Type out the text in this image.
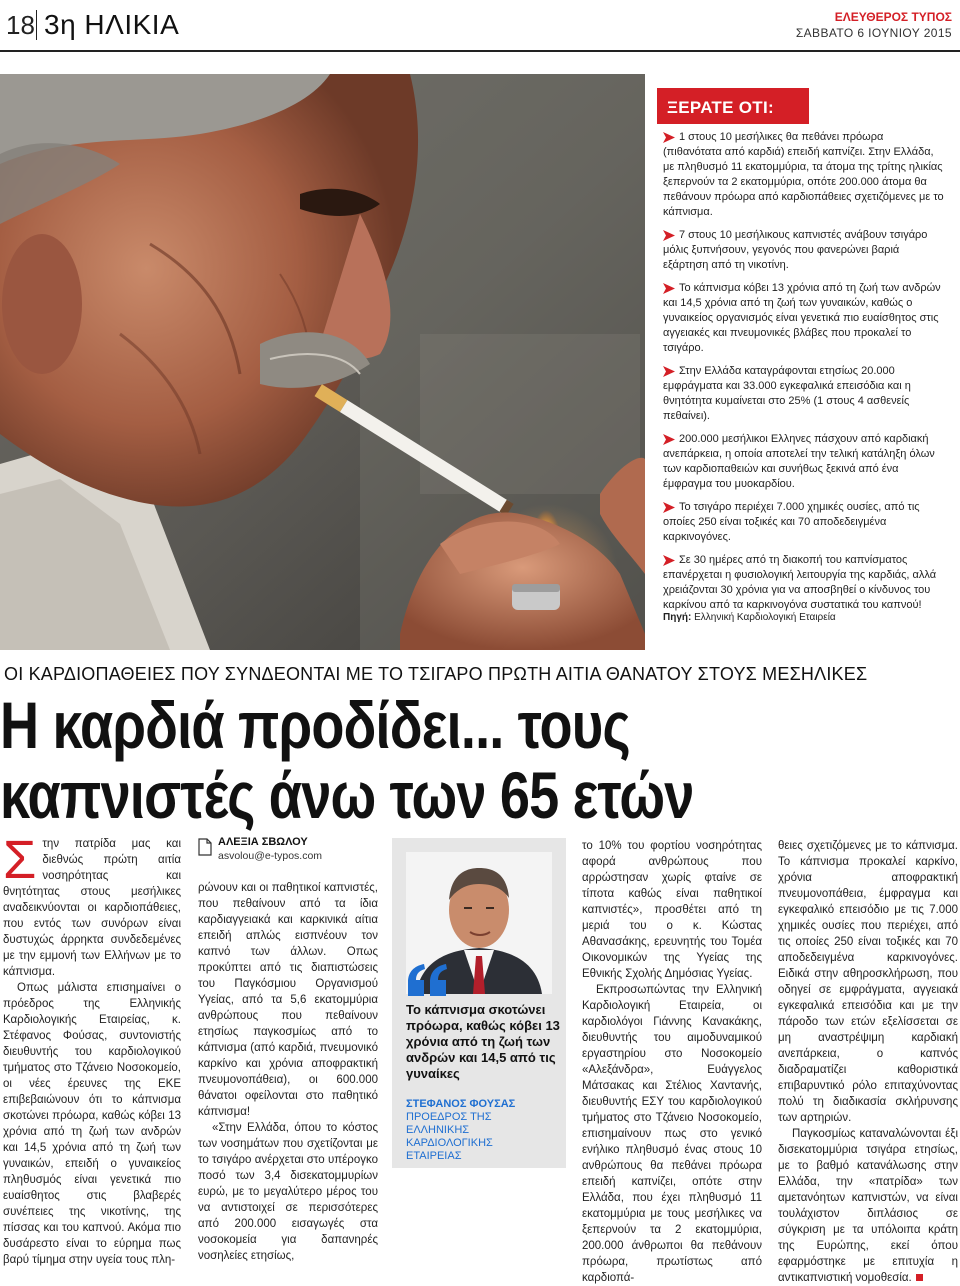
18 3η ΗΛΙΚΙΑ	ΕΛΕΥΘΕΡΟΣ ΤΥΠΟΣ
ΣΑΒΒΑΤΟ 6 ΙΟΥΝΙΟΥ 2015
ΞΕΡΑΤΕ ΟΤΙ:
1 στους 10 μεσήλικες θα πεθάνει πρόωρα (πιθανότατα από καρδιά) επειδή καπνίζει. Στην Ελλάδα, με πληθυσμό 11 εκατομμύρια, τα άτομα της τρίτης ηλικίας ξεπερνούν τα 2 εκατομμύρια, οπότε 200.000 άτομα θα πεθάνουν πρόωρα από καρδιοπάθειες σχετιζόμενες με το κάπνισμα.
7 στους 10 μεσήλικους καπνιστές ανάβουν τσιγάρο μόλις ξυπνήσουν, γεγονός που φανερώνει βαριά εξάρτηση από τη νικοτίνη.
Το κάπνισμα κόβει 13 χρόνια από τη ζωή των ανδρών και 14,5 χρόνια από τη ζωή των γυναικών, καθώς ο γυναικείος οργανισμός είναι γενετικά πιο ευαίσθητος στις αγγειακές και πνευμονικές βλάβες που προκαλεί το τσιγάρο.
Στην Ελλάδα καταγράφονται ετησίως 20.000 εμφράγματα και 33.000 εγκεφαλικά επεισόδια και η θνητότητα κυμαίνεται στο 25% (1 στους 4 ασθενείς πεθαίνει).
200.000 μεσήλικοι Ελληνες πάσχουν από καρδιακή ανεπάρκεια, η οποία αποτελεί την τελική κατάληξη όλων των καρδιοπαθειών και συνήθως ξεκινά από ένα έμφραγμα του μυοκαρδίου.
Το τσιγάρο περιέχει 7.000 χημικές ουσίες, από τις οποίες 250 είναι τοξικές και 70 αποδεδειγμένα καρκινογόνες.
Σε 30 ημέρες από τη διακοπή του καπνίσματος επανέρχεται η φυσιολογική λειτουργία της καρδιάς, αλλά χρειάζονται 30 χρόνια για να αποσβηθεί ο κίνδυνος του καρκίνου από τα καρκινογόνα συστατικά του καπνού!
Πηγή: Ελληνική Καρδιολογική Εταιρεία
ΟΙ ΚΑΡΔΙΟΠΑΘΕΙΕΣ ΠΟΥ ΣΥΝΔΕΟΝΤΑΙ ΜΕ ΤΟ ΤΣΙΓΑΡΟ ΠΡΩΤΗ ΑΙΤΙΑ ΘΑΝΑΤΟΥ ΣΤΟΥΣ ΜΕΣΗΛΙΚΕΣ
Η καρδιά προδίδει... τους
καπνιστές άνω των 65 ετών

Στην πατρίδα μας και διεθνώς πρώτη αιτία νοσηρότητας και θνητότητας στους μεσήλικες αναδεικνύονται οι καρδιοπάθειες, που εντός των συνόρων είναι δυστυχώς άρρηκτα συνδεδεμένες με την εμμονή των Ελλήνων με το κάπνισμα.

Οπως μάλιστα επισημαίνει ο πρόεδρος της Ελληνικής Καρδιολογικής Εταιρείας, κ. Στέφανος Φούσας, συντονιστής διευθυντής του καρδιολογικού τμήματος στο Τζάνειο Νοσοκομείο, οι νέες έρευνες της ΕΚΕ επιβεβαιώνουν ότι το κάπνισμα σκοτώνει πρόωρα, καθώς κόβει 13 χρόνια από τη ζωή των ανδρών και 14,5 χρόνια από τη ζωή των γυναικών, επειδή ο γυναικείος πληθυσμός είναι γενετικά πιο ευαίσθητος στις βλαβερές συνέπειες της νικοτίνης, της πίσσας και του καπνού. Ακόμα πιο δυσάρεστο είναι το εύρημα πως βαρύ τίμημα στην υγεία τους πλη-

ΑΛΕΞΙΑ ΣΒΩΛΟΥ
asvolou@e-typos.com

ρώνουν και οι παθητικοί καπνιστές, που πεθαίνουν από τα ίδια καρδιαγγειακά και καρκινικά αίτια επειδή απλώς εισπνέουν τον καπνό των άλλων. Οπως προκύπτει από τις διαπιστώσεις του Παγκόσμιου Οργανισμού Υγείας, από τα 5,6 εκατομμύρια ανθρώπους που πεθαίνουν ετησίως παγκοσμίως από το κάπνισμα (από καρδιά, πνευμονικό καρκίνο και χρόνια αποφρακτική πνευμονοπάθεια), οι 600.000 θάνατοι οφείλονται στο παθητικό κάπνισμα!

«Στην Ελλάδα, όπου το κόστος των νοσημάτων που σχετίζονται με το τσιγάρο ανέρχεται στο υπέρογκο ποσό των 3,4 δισεκατομμυρίων ευρώ, με το μεγαλύτερο μέρος του να αντιστοιχεί σε περισσότερες από 200.000 εισαγωγές στα νοσοκομεία για δαπανηρές νοσηλείες ετησίως,

Το κάπνισμα σκοτώνει πρόωρα, καθώς κόβει 13 χρόνια από τη ζωή των ανδρών και 14,5 από τις γυναίκες
ΣΤΕΦΑΝΟΣ ΦΟΥΣΑΣ
ΠΡΟΕΔΡΟΣ ΤΗΣ ΕΛΛΗΝΙΚΗΣ ΚΑΡΔΙΟΛΟΓΙΚΗΣ ΕΤΑΙΡΕΙΑΣ

το 10% του φορτίου νοσηρότητας αφορά ανθρώπους που αρρώστησαν χωρίς φταίνε σε τίποτα καθώς είναι παθητικοί καπνιστές», προσθέτει από τη μεριά του ο κ. Κώστας Αθανασάκης, ερευνητής του Τομέα Οικονομικών της Υγείας της Εθνικής Σχολής Δημόσιας Υγείας.

Εκπροσωπώντας την Ελληνική Καρδιολογική Εταιρεία, οι καρδιολόγοι Γιάννης Κανακάκης, διευθυντής του αιμοδυναμικού εργαστηρίου στο Νοσοκομείο «Αλεξάνδρα», Ευάγγελος Μάτσακας και Στέλιος Χαντανής, διευθυντής ΕΣΥ του καρδιολογικού τμήματος στο Τζάνειο Νοσοκομείο, επισημαίνουν πως στο γενικό ενήλικο πληθυσμό ένας στους 10 ανθρώπους θα πεθάνει πρόωρα επειδή καπνίζει, οπότε στην Ελλάδα, που έχει πληθυσμό 11 εκατομμύρια με τους μεσήλικες να ξεπερνούν τα 2 εκατομμύρια, 200.000 άνθρωποι θα πεθάνουν πρόωρα, πρωτίστως από καρδιοπά-

θειες σχετιζόμενες με το κάπνισμα. Το κάπνισμα προκαλεί καρκίνο, χρόνια αποφρακτική πνευμονοπάθεια, έμφραγμα και εγκεφαλικό επεισόδιο με τις 7.000 χημικές ουσίες που περιέχει, από τις οποίες 250 είναι τοξικές και 70 αποδεδειγμένα καρκινογόνες. Ειδικά στην αθηροσκλήρωση, που οδηγεί σε εμφράγματα, αγγειακά εγκεφαλικά επεισόδια και με την πάροδο των ετών εξελίσσεται σε μη αναστρέψιμη καρδιακή ανεπάρκεια, ο καπνός διαδραματίζει καθοριστικά επιβαρυντικό ρόλο επιταχύνοντας πολύ τη διαδικασία σκλήρυνσης των αρτηριών.

Παγκοσμίως καταναλώνονται έξι δισεκατομμύρια τσιγάρα ετησίως, με το βαθμό κατανάλωσης στην Ελλάδα, την «πατρίδα» των αμετανόητων καπνιστών, να είναι τουλάχιστον διπλάσιος σε σύγκριση με τα υπόλοιπα κράτη της Ευρώπης, εκεί όπου εφαρμόστηκε με επιτυχία η αντικαπνιστική νομοθεσία.
